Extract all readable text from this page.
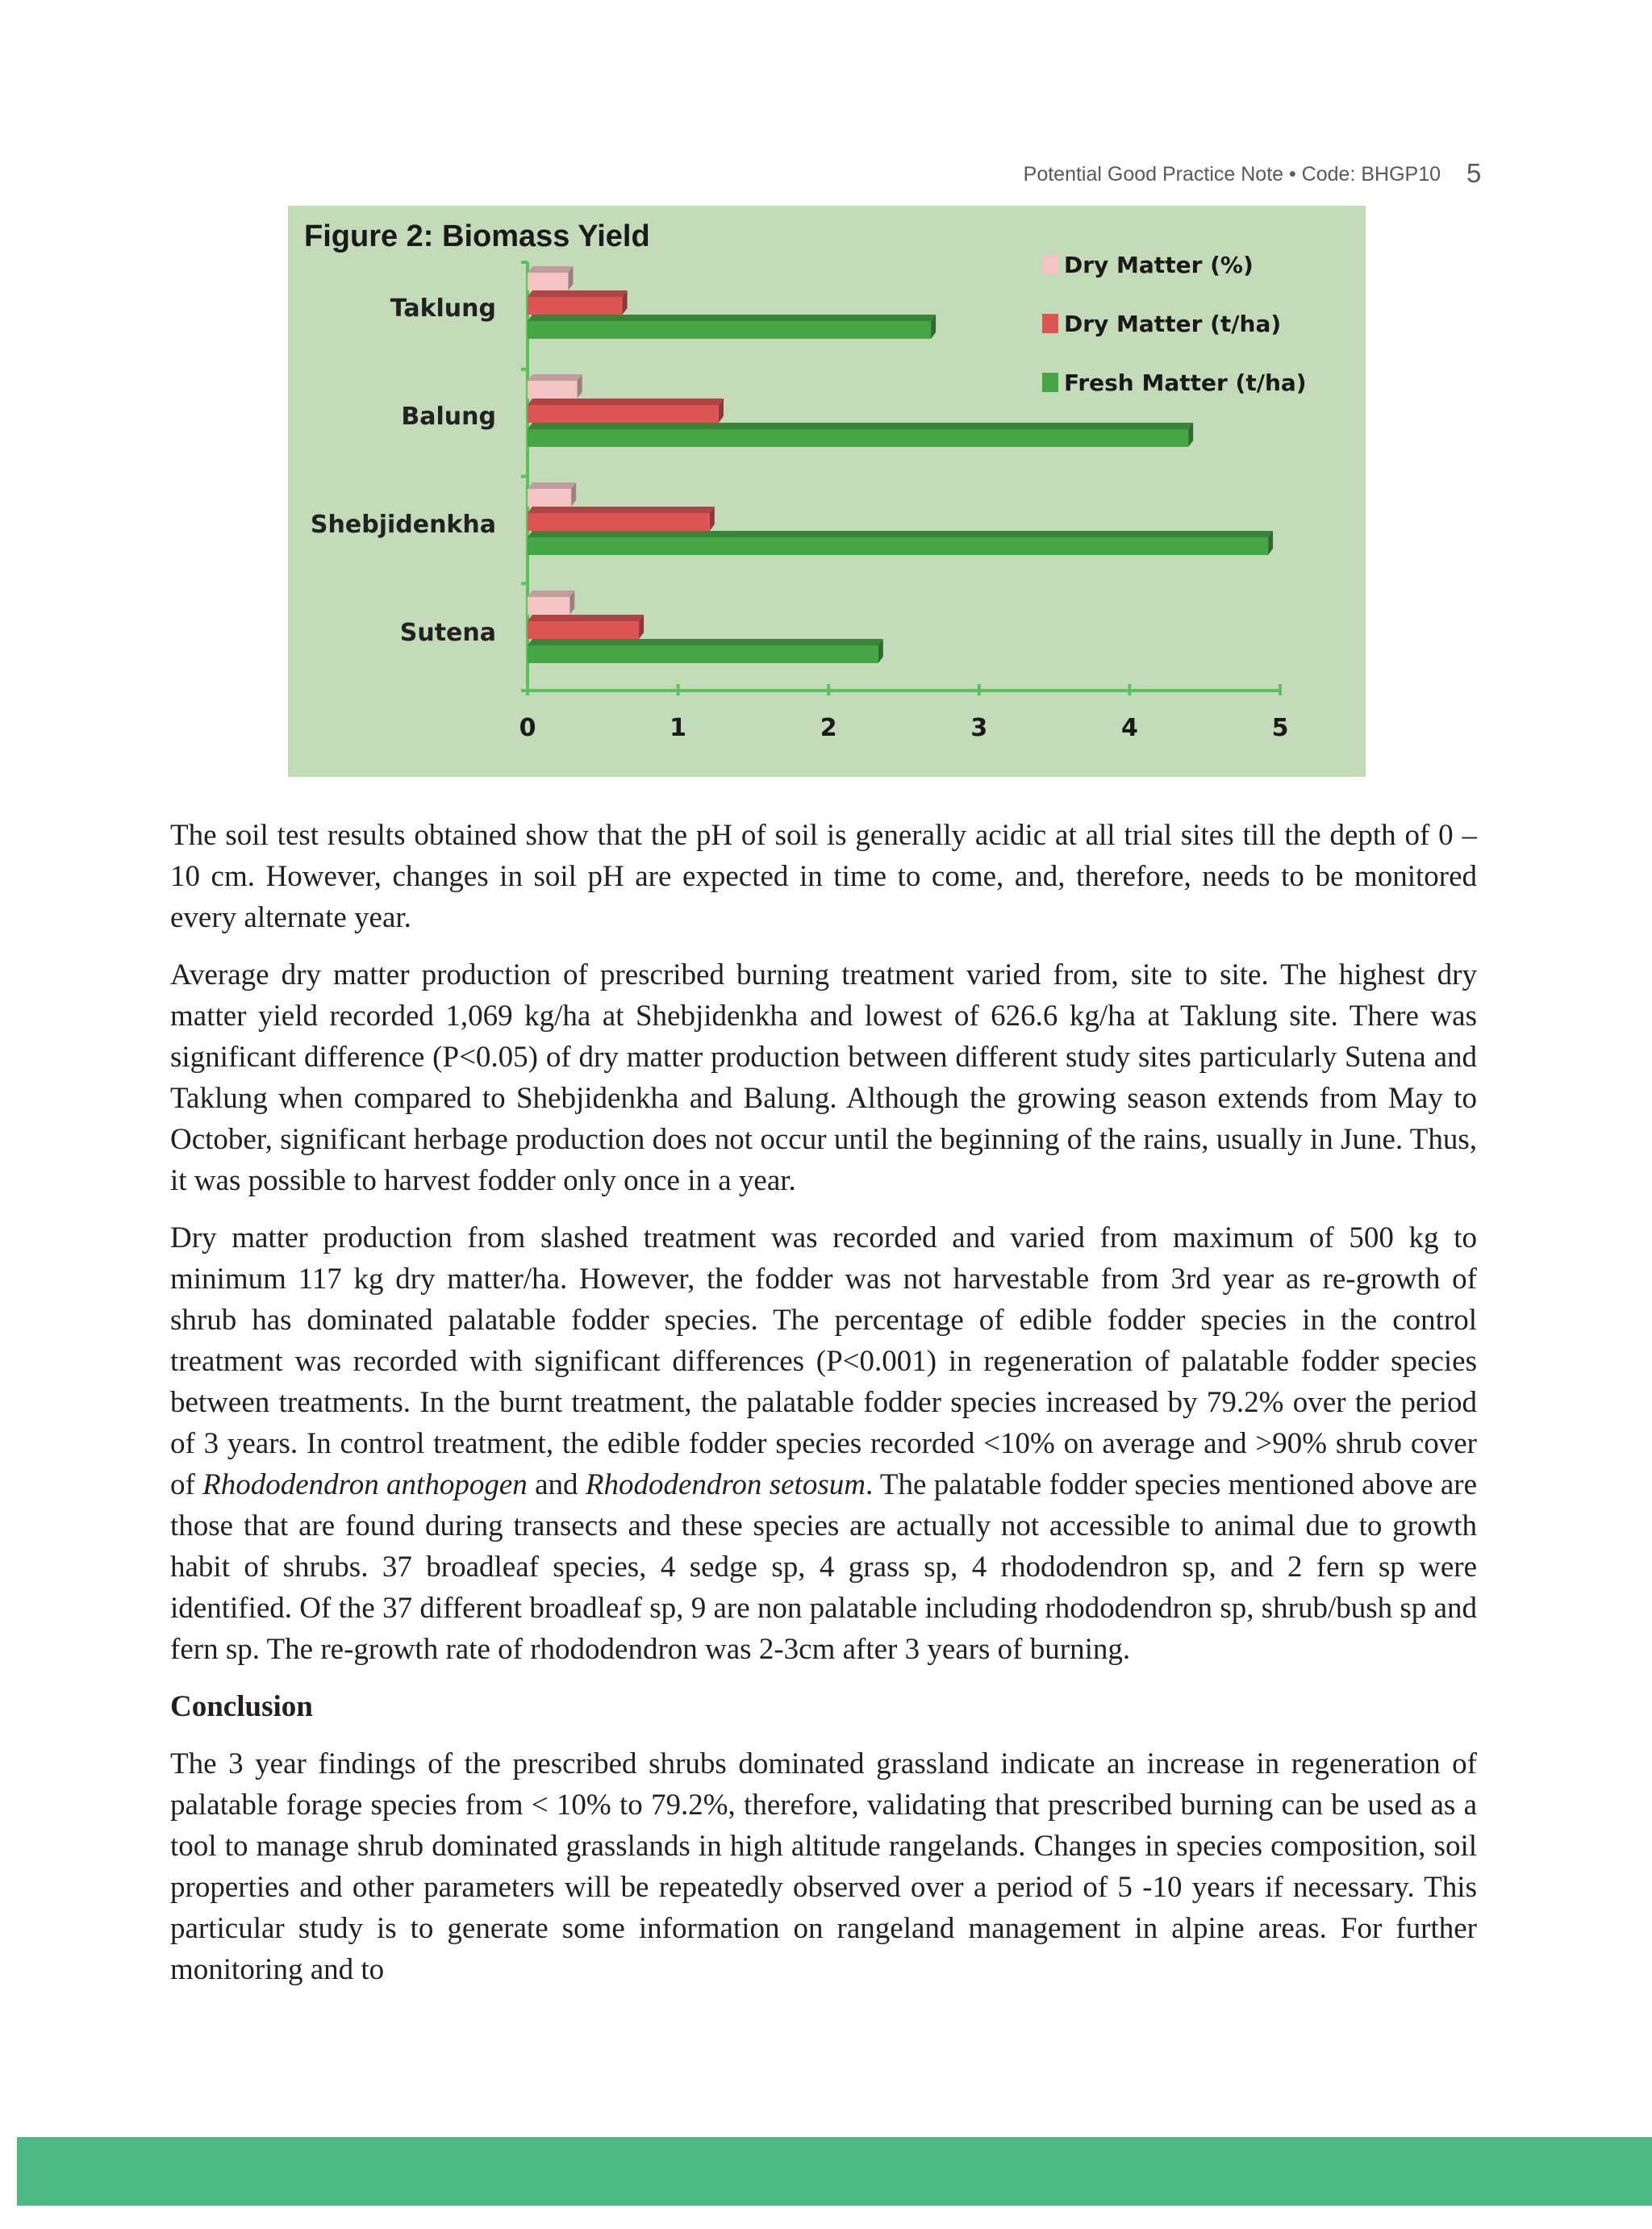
Potential Good Practice Note • Code: BHGP10 5
Figure 2: Biomass Yield
0	1	2	3	4	5
Taklung
Balung
Shebjidenkha
Sutena
Dry Matter (%)
Dry Matter (t/ha)
Fresh Matter (t/ha)

The soil test results obtained show that the pH of soil is generally acidic at all trial sites till the depth of 0 – 10 cm. However, changes in soil pH are expected in time to come, and, therefore, needs to be monitored every alternate year.

Average dry matter production of prescribed burning treatment varied from, site to site. The highest dry matter yield recorded 1,069 kg/ha at Shebjidenkha and lowest of 626.6 kg/ha at Taklung site. There was significant difference (P<0.05) of dry matter production between different study sites particularly Sutena and Taklung when compared to Shebjidenkha and Balung. Although the growing season extends from May to October, significant herbage production does not occur until the beginning of the rains, usually in June. Thus, it was possible to harvest fodder only once in a year.

Dry matter production from slashed treatment was recorded and varied from maximum of 500 kg to minimum 117 kg dry matter/ha. However, the fodder was not harvestable from 3rd year as re-growth of shrub has dominated palatable fodder species. The percentage of edible fodder species in the control treatment was recorded with significant differences (P<0.001) in regeneration of palatable fodder species between treatments. In the burnt treatment, the palatable fodder species increased by 79.2% over the period of 3 years. In control treatment, the edible fodder species recorded <10% on average and >90% shrub cover of Rhododendron anthopogen and Rhododendron setosum. The palatable fodder species mentioned above are those that are found during transects and these species are actually not accessible to animal due to growth habit of shrubs. 37 broadleaf species, 4 sedge sp, 4 grass sp, 4 rhododendron sp, and 2 fern sp were identified. Of the 37 different broadleaf sp, 9 are non palatable including rhododendron sp, shrub/bush sp and fern sp. The re-growth rate of rhododendron was 2-3cm after 3 years of burning.

Conclusion

The 3 year findings of the prescribed shrubs dominated grassland indicate an increase in regeneration of palatable forage species from < 10% to 79.2%, therefore, validating that prescribed burning can be used as a tool to manage shrub dominated grasslands in high altitude rangelands. Changes in species composition, soil properties and other parameters will be repeatedly observed over a period of 5 -10 years if necessary. This particular study is to generate some information on rangeland management in alpine areas. For further monitoring and to
